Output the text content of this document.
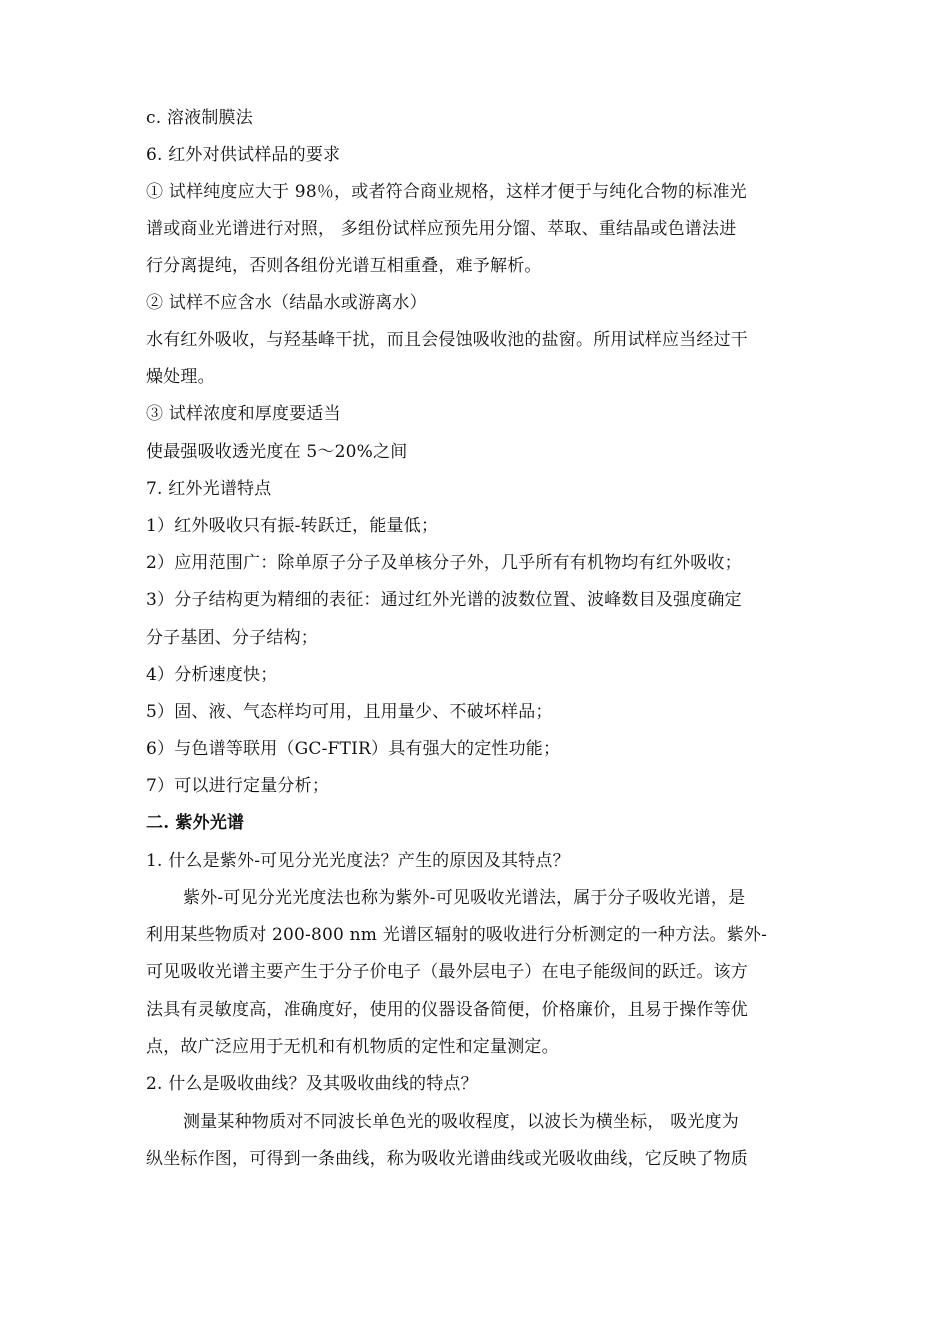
c. 溶液制膜法
6. 红外对供试样品的要求
① 试样纯度应大于 98％，或者符合商业规格，这样才便于与纯化合物的标准光
谱或商业光谱进行对照， 多组份试样应预先用分馏、萃取、重结晶或色谱法进
行分离提纯，否则各组份光谱互相重叠，难予解析。
② 试样不应含水（结晶水或游离水）
水有红外吸收，与羟基峰干扰，而且会侵蚀吸收池的盐窗。所用试样应当经过干
燥处理。
③ 试样浓度和厚度要适当
使最强吸收透光度在 5～20%之间
7. 红外光谱特点
1）红外吸收只有振-转跃迁，能量低；
2）应用范围广：除单原子分子及单核分子外，几乎所有有机物均有红外吸收；
3）分子结构更为精细的表征：通过红外光谱的波数位置、波峰数目及强度确定
分子基团、分子结构；
4）分析速度快；
5）固、液、气态样均可用，且用量少、不破坏样品；
6）与色谱等联用（GC-FTIR）具有强大的定性功能；
7）可以进行定量分析；
二. 紫外光谱
1. 什么是紫外-可见分光光度法？产生的原因及其特点？
紫外-可见分光光度法也称为紫外-可见吸收光谱法，属于分子吸收光谱，是
利用某些物质对 200-800 nm 光谱区辐射的吸收进行分析测定的一种方法。紫外-
可见吸收光谱主要产生于分子价电子（最外层电子）在电子能级间的跃迁。该方
法具有灵敏度高，准确度好，使用的仪器设备简便，价格廉价，且易于操作等优
点，故广泛应用于无机和有机物质的定性和定量测定。
2. 什么是吸收曲线？及其吸收曲线的特点？
测量某种物质对不同波长单色光的吸收程度，以波长为横坐标， 吸光度为
纵坐标作图，可得到一条曲线，称为吸收光谱曲线或光吸收曲线，它反映了物质
